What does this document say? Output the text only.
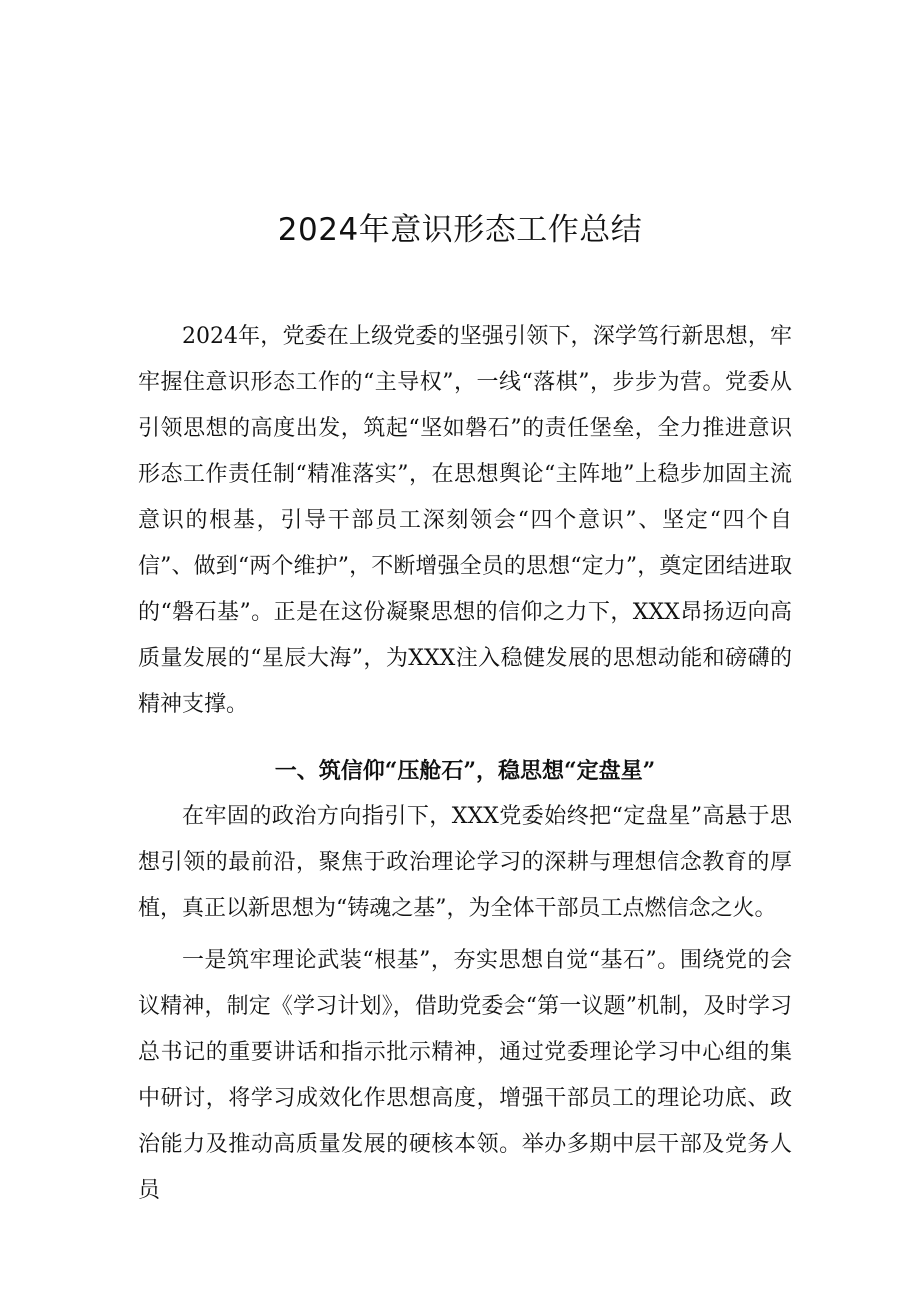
2024年意识形态工作总结

2024年，党委在上级党委的坚强引领下，深学笃行新思想，牢牢握住意识形态工作的“主导权”，一线“落棋”，步步为营。党委从引领思想的高度出发，筑起“坚如磐石”的责任堡垒，全力推进意识形态工作责任制“精准落实”，在思想舆论“主阵地”上稳步加固主流意识的根基，引导干部员工深刻领会“四个意识”、坚定“四个自信”、做到“两个维护”，不断增强全员的思想“定力”，奠定团结进取的“磐石基”。正是在这份凝聚思想的信仰之力下，XXX昂扬迈向高质量发展的“星辰大海”，为XXX注入稳健发展的思想动能和磅礴的精神支撑。

一、筑信仰“压舱石”，稳思想“定盘星”

在牢固的政治方向指引下，XXX党委始终把“定盘星”高悬于思想引领的最前沿，聚焦于政治理论学习的深耕与理想信念教育的厚植，真正以新思想为“铸魂之基”，为全体干部员工点燃信念之火。

一是筑牢理论武装“根基”，夯实思想自觉“基石”。围绕党的会议精神，制定《学习计划》，借助党委会“第一议题”机制，及时学习总书记的重要讲话和指示批示精神，通过党委理论学习中心组的集中研讨，将学习成效化作思想高度，增强干部员工的理论功底、政治能力及推动高质量发展的硬核本领。举办多期中层干部及党务人员
